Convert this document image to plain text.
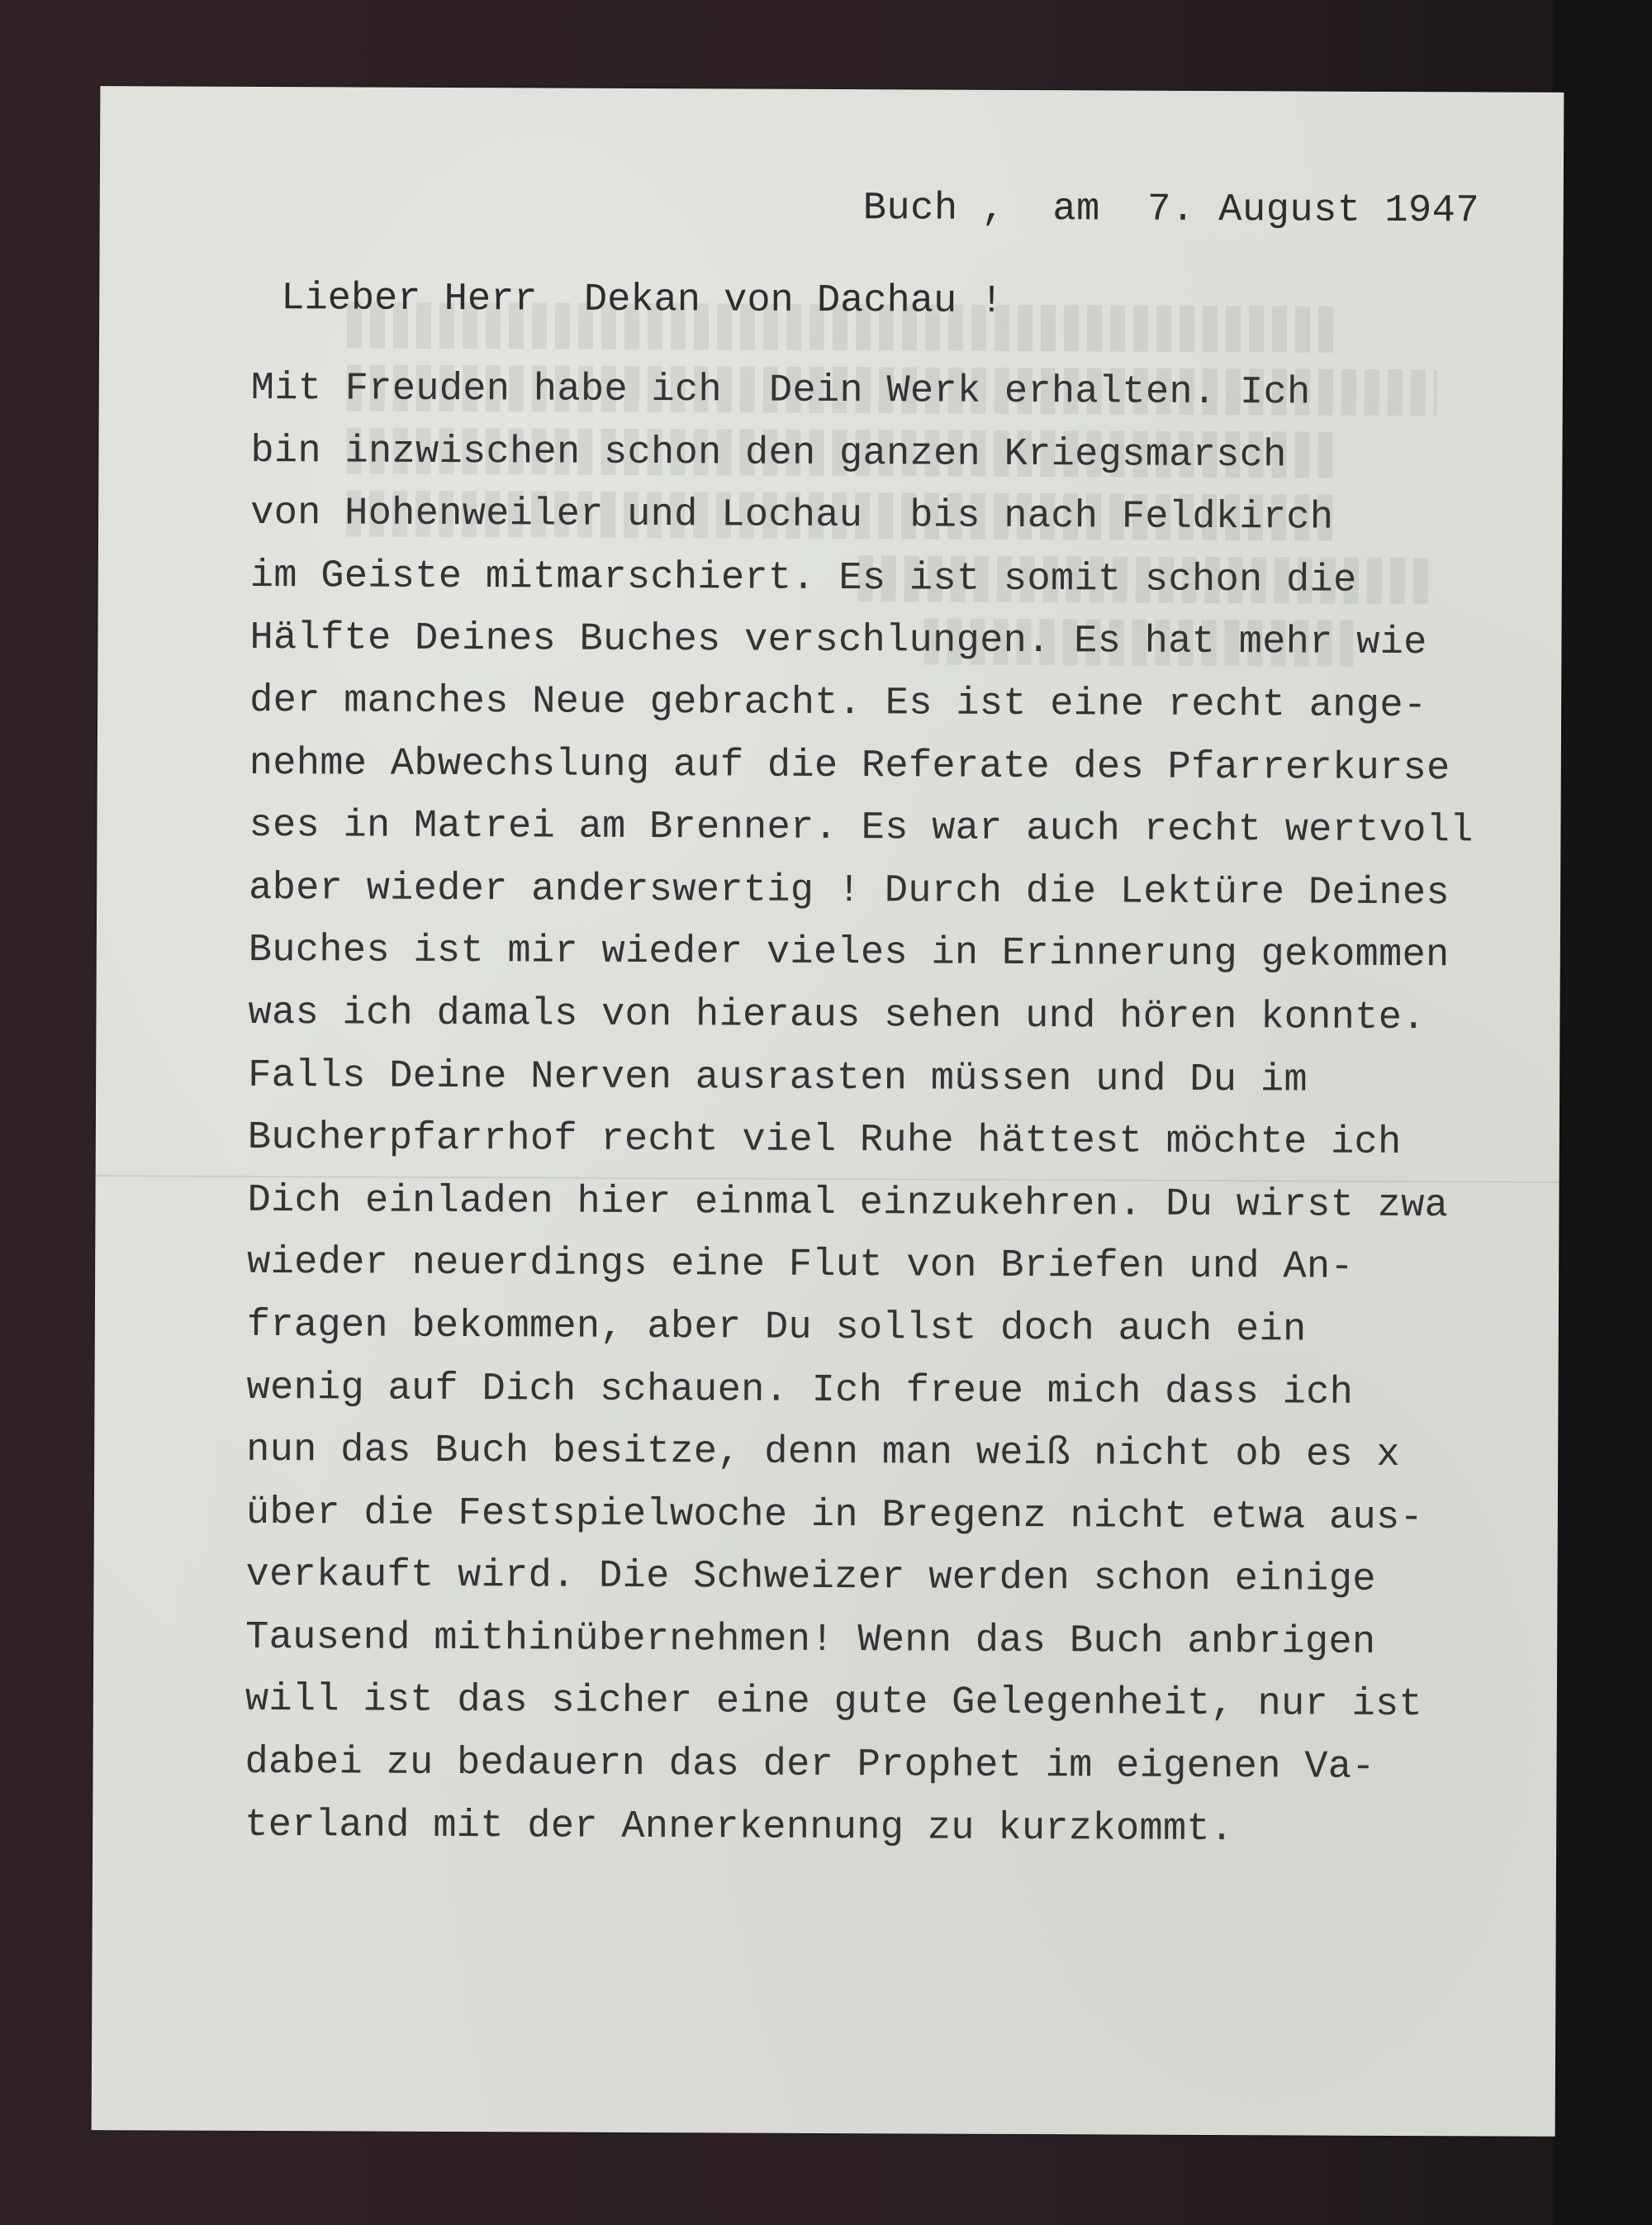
Buch ,  am  7. August 1947
Lieber Herr  Dekan von Dachau !
Mit Freuden habe ich  Dein Werk erhalten. Ich
bin inzwischen schon den ganzen Kriegsmarsch
von Hohenweiler und Lochau  bis nach Feldkirch
im Geiste mitmarschiert. Es ist somit schon die
Hälfte Deines Buches verschlungen. Es hat mehr wie
der manches Neue gebracht. Es ist eine recht ange-
nehme Abwechslung auf die Referate des Pfarrerkurse
ses in Matrei am Brenner. Es war auch recht wertvoll
aber wieder anderswertig ! Durch die Lektüre Deines
Buches ist mir wieder vieles in Erinnerung gekommen
was ich damals von hieraus sehen und hören konnte.
Falls Deine Nerven ausrasten müssen und Du im
Bucherpfarrhof recht viel Ruhe hättest möchte ich
Dich einladen hier einmal einzukehren. Du wirst zwa
wieder neuerdings eine Flut von Briefen und An-
fragen bekommen, aber Du sollst doch auch ein
wenig auf Dich schauen. Ich freue mich dass ich
nun das Buch besitze, denn man weiß nicht ob es x
über die Festspielwoche in Bregenz nicht etwa aus-
verkauft wird. Die Schweizer werden schon einige
Tausend mithinübernehmen! Wenn das Buch anbrigen
will ist das sicher eine gute Gelegenheit, nur ist
dabei zu bedauern das der Prophet im eigenen Va-
terland mit der Annerkennung zu kurzkommt.
